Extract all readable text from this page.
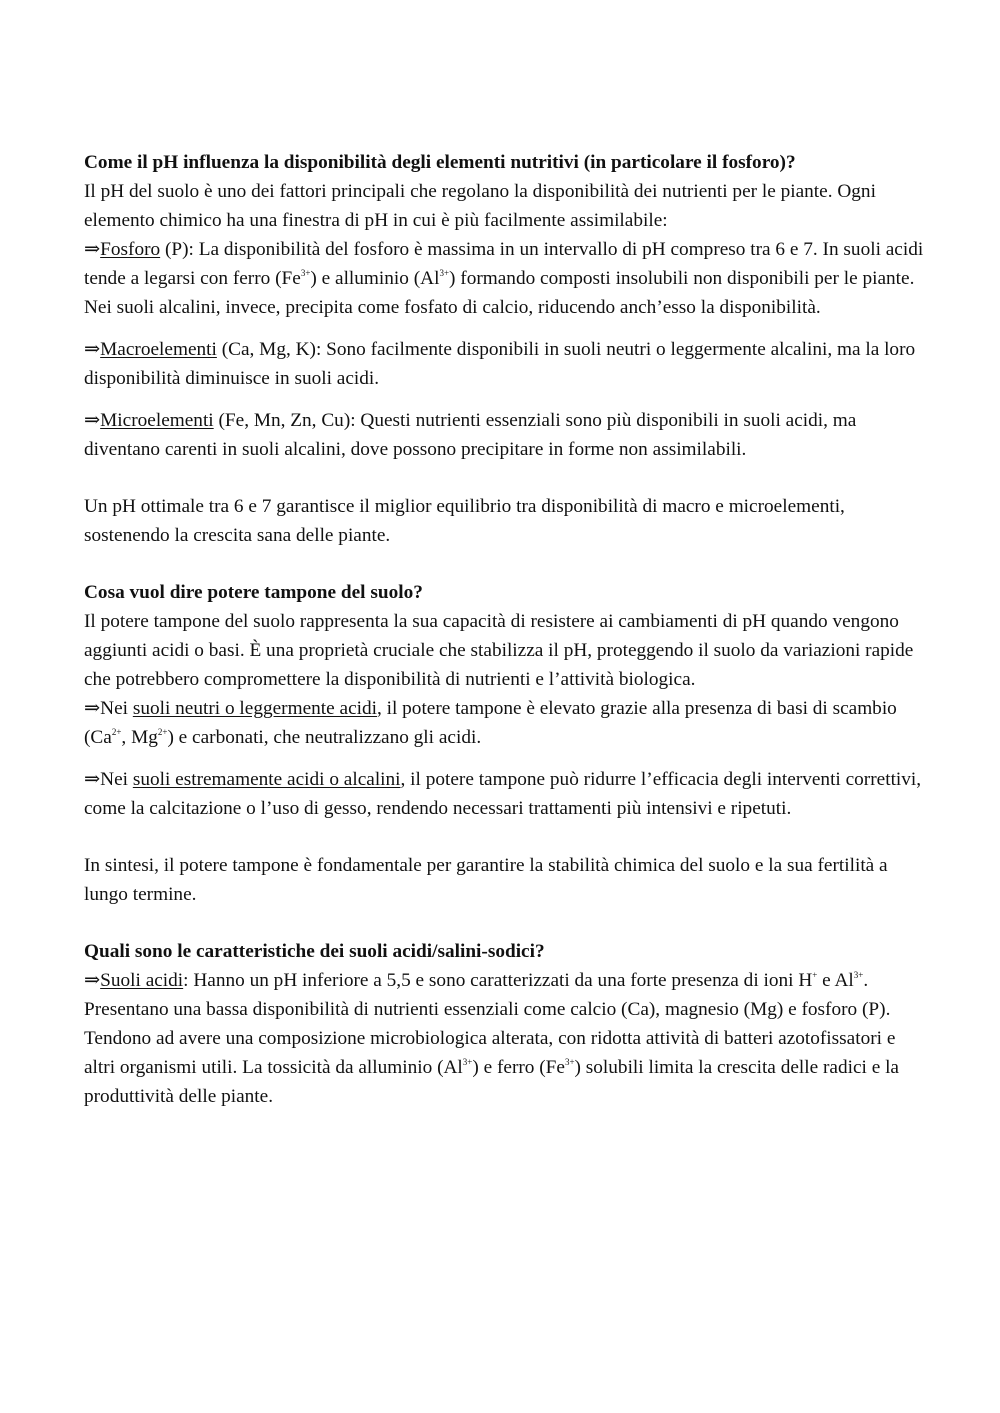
Come il pH influenza la disponibilità degli elementi nutritivi (in particolare il fosforo)?

Il pH del suolo è uno dei fattori principali che regolano la disponibilità dei nutrienti per le piante. Ogni elemento chimico ha una finestra di pH in cui è più facilmente assimilabile:

⇒Fosforo (P): La disponibilità del fosforo è massima in un intervallo di pH compreso tra 6 e 7. In suoli acidi tende a legarsi con ferro $(Fe^{3+})$ e alluminio $(Al^{3+})$ formando composti insolubili non disponibili per le piante. Nei suoli alcalini, invece, precipita come fosfato di calcio, riducendo anch’esso la disponibilità.

⇒Macroelementi (Ca, Mg, K): Sono facilmente disponibili in suoli neutri o leggermente alcalini, ma la loro disponibilità diminuisce in suoli acidi.

⇒Microelementi (Fe, Mn, Zn, Cu): Questi nutrienti essenziali sono più disponibili in suoli acidi, ma diventano carenti in suoli alcalini, dove possono precipitare in forme non assimilabili.

Un pH ottimale tra 6 e 7 garantisce il miglior equilibrio tra disponibilità di macro e microelementi, sostenendo la crescita sana delle piante.

Cosa vuol dire potere tampone del suolo?

Il potere tampone del suolo rappresenta la sua capacità di resistere ai cambiamenti di pH quando vengono aggiunti acidi o basi. È una proprietà cruciale che stabilizza il pH, proteggendo il suolo da variazioni rapide che potrebbero compromettere la disponibilità di nutrienti e l’attività biologica.

⇒Nei suoli neutri o leggermente acidi, il potere tampone è elevato grazie alla presenza di basi di scambio ($Ca^{2+}$, $Mg^{2+}$) e carbonati, che neutralizzano gli acidi.

⇒Nei suoli estremamente acidi o alcalini, il potere tampone può ridurre l’efficacia degli interventi correttivi, come la calcitazione o l’uso di gesso, rendendo necessari trattamenti più intensivi e ripetuti.

In sintesi, il potere tampone è fondamentale per garantire la stabilità chimica del suolo e la sua fertilità a lungo termine.

Quali sono le caratteristiche dei suoli acidi/salini-sodici?

⇒Suoli acidi: Hanno un pH inferiore a 5,5 e sono caratterizzati da una forte presenza di ioni H+ e $Al^{3+}$. Presentano una bassa disponibilità di nutrienti essenziali come calcio (Ca), magnesio (Mg) e fosforo (P). Tendono ad avere una composizione microbiologica alterata, con ridotta attività di batteri azotofissatori e altri organismi utili. La tossicità da alluminio $(Al^{3+})$ e ferro $(Fe^{3+})$ solubili limita la crescita delle radici e la produttività delle piante.
